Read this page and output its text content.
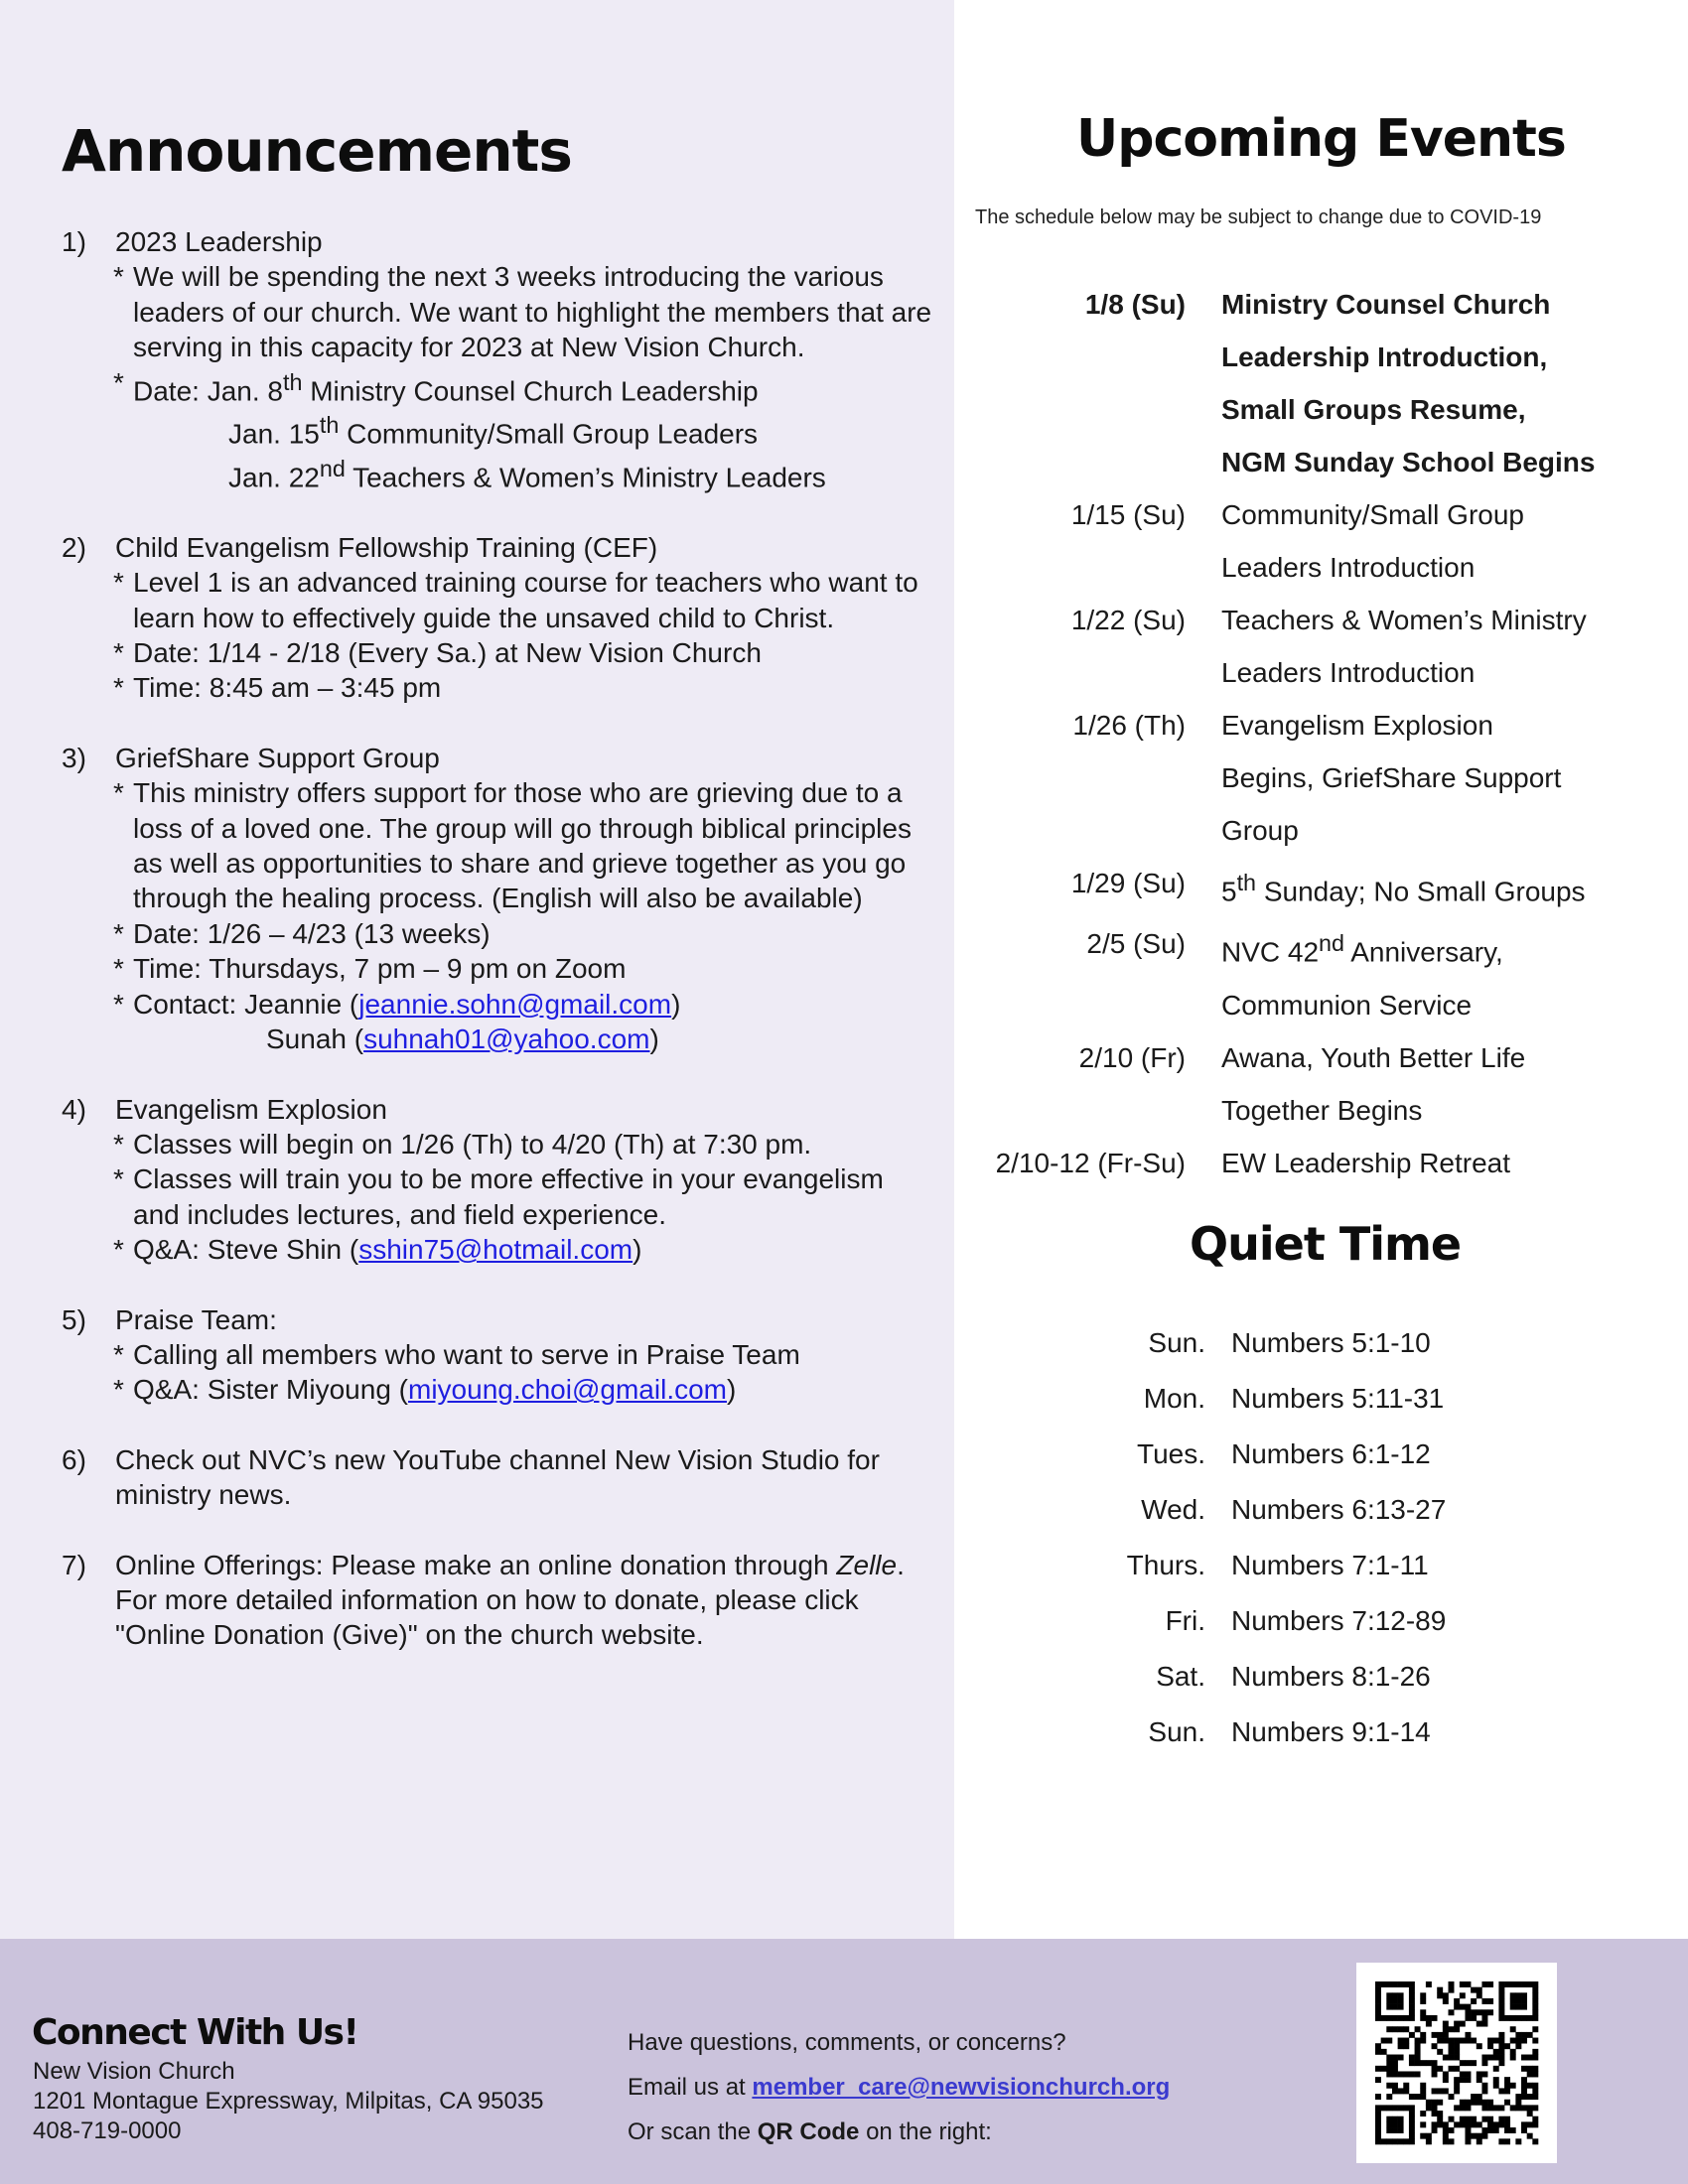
Announcements
1)	2023 Leadership
* We will be spending the next 3 weeks introducing the various leaders of our church. We want to highlight the members that are serving in this capacity for 2023 at New Vision Church.
* Date: Jan. 8th Ministry Counsel Church Leadership
Jan. 15th Community/Small Group Leaders
Jan. 22nd Teachers & Women’s Ministry Leaders
2)	Child Evangelism Fellowship Training (CEF)
* Level 1 is an advanced training course for teachers who want to learn how to effectively guide the unsaved child to Christ.
* Date: 1/14 - 2/18 (Every Sa.) at New Vision Church
* Time: 8:45 am – 3:45 pm
3)	GriefShare Support Group
* This ministry offers support for those who are grieving due to a loss of a loved one. The group will go through biblical principles as well as opportunities to share and grieve together as you go through the healing process. (English will also be available)
* Date: 1/26 – 4/23 (13 weeks)
* Time: Thursdays, 7 pm – 9 pm on Zoom
* Contact: Jeannie (jeannie.sohn@gmail.com)
Sunah (suhnah01@yahoo.com)
4)	Evangelism Explosion
* Classes will begin on 1/26 (Th) to 4/20 (Th) at 7:30 pm.
* Classes will train you to be more effective in your evangelism and includes lectures, and field experience.
* Q&A: Steve Shin (sshin75@hotmail.com)
5)	Praise Team:
* Calling all members who want to serve in Praise Team
* Q&A: Sister Miyoung (miyoung.choi@gmail.com)
6)	Check out NVC’s new YouTube channel New Vision Studio for ministry news.
7)	Online Offerings: Please make an online donation through Zelle. For more detailed information on how to donate, please click "Online Donation (Give)" on the church website.
Upcoming Events
The schedule below may be subject to change due to COVID-19
1/8 (Su)	Ministry Counsel Church
Leadership Introduction,
Small Groups Resume,
NGM Sunday School Begins
1/15 (Su)	Community/Small Group
Leaders Introduction
1/22 (Su)	Teachers & Women’s Ministry
Leaders Introduction
1/26 (Th)	Evangelism Explosion
Begins, GriefShare Support
Group
1/29 (Su)	5th Sunday; No Small Groups
2/5 (Su)	NVC 42nd Anniversary,
Communion Service
2/10 (Fr)	Awana, Youth Better Life
Together Begins
2/10-12 (Fr-Su)	EW Leadership Retreat
Quiet Time
Sun. Numbers 5:1-10
Mon. Numbers 5:11-31
Tues. Numbers 6:1-12
Wed. Numbers 6:13-27
Thurs. Numbers 7:1-11
Fri. Numbers 7:12-89
Sat. Numbers 8:1-26
Sun. Numbers 9:1-14
Connect With Us!
New Vision Church
1201 Montague Expressway, Milpitas, CA 95035
408-719-0000
Have questions, comments, or concerns?
Email us at member_care@newvisionchurch.org
Or scan the QR Code on the right:
